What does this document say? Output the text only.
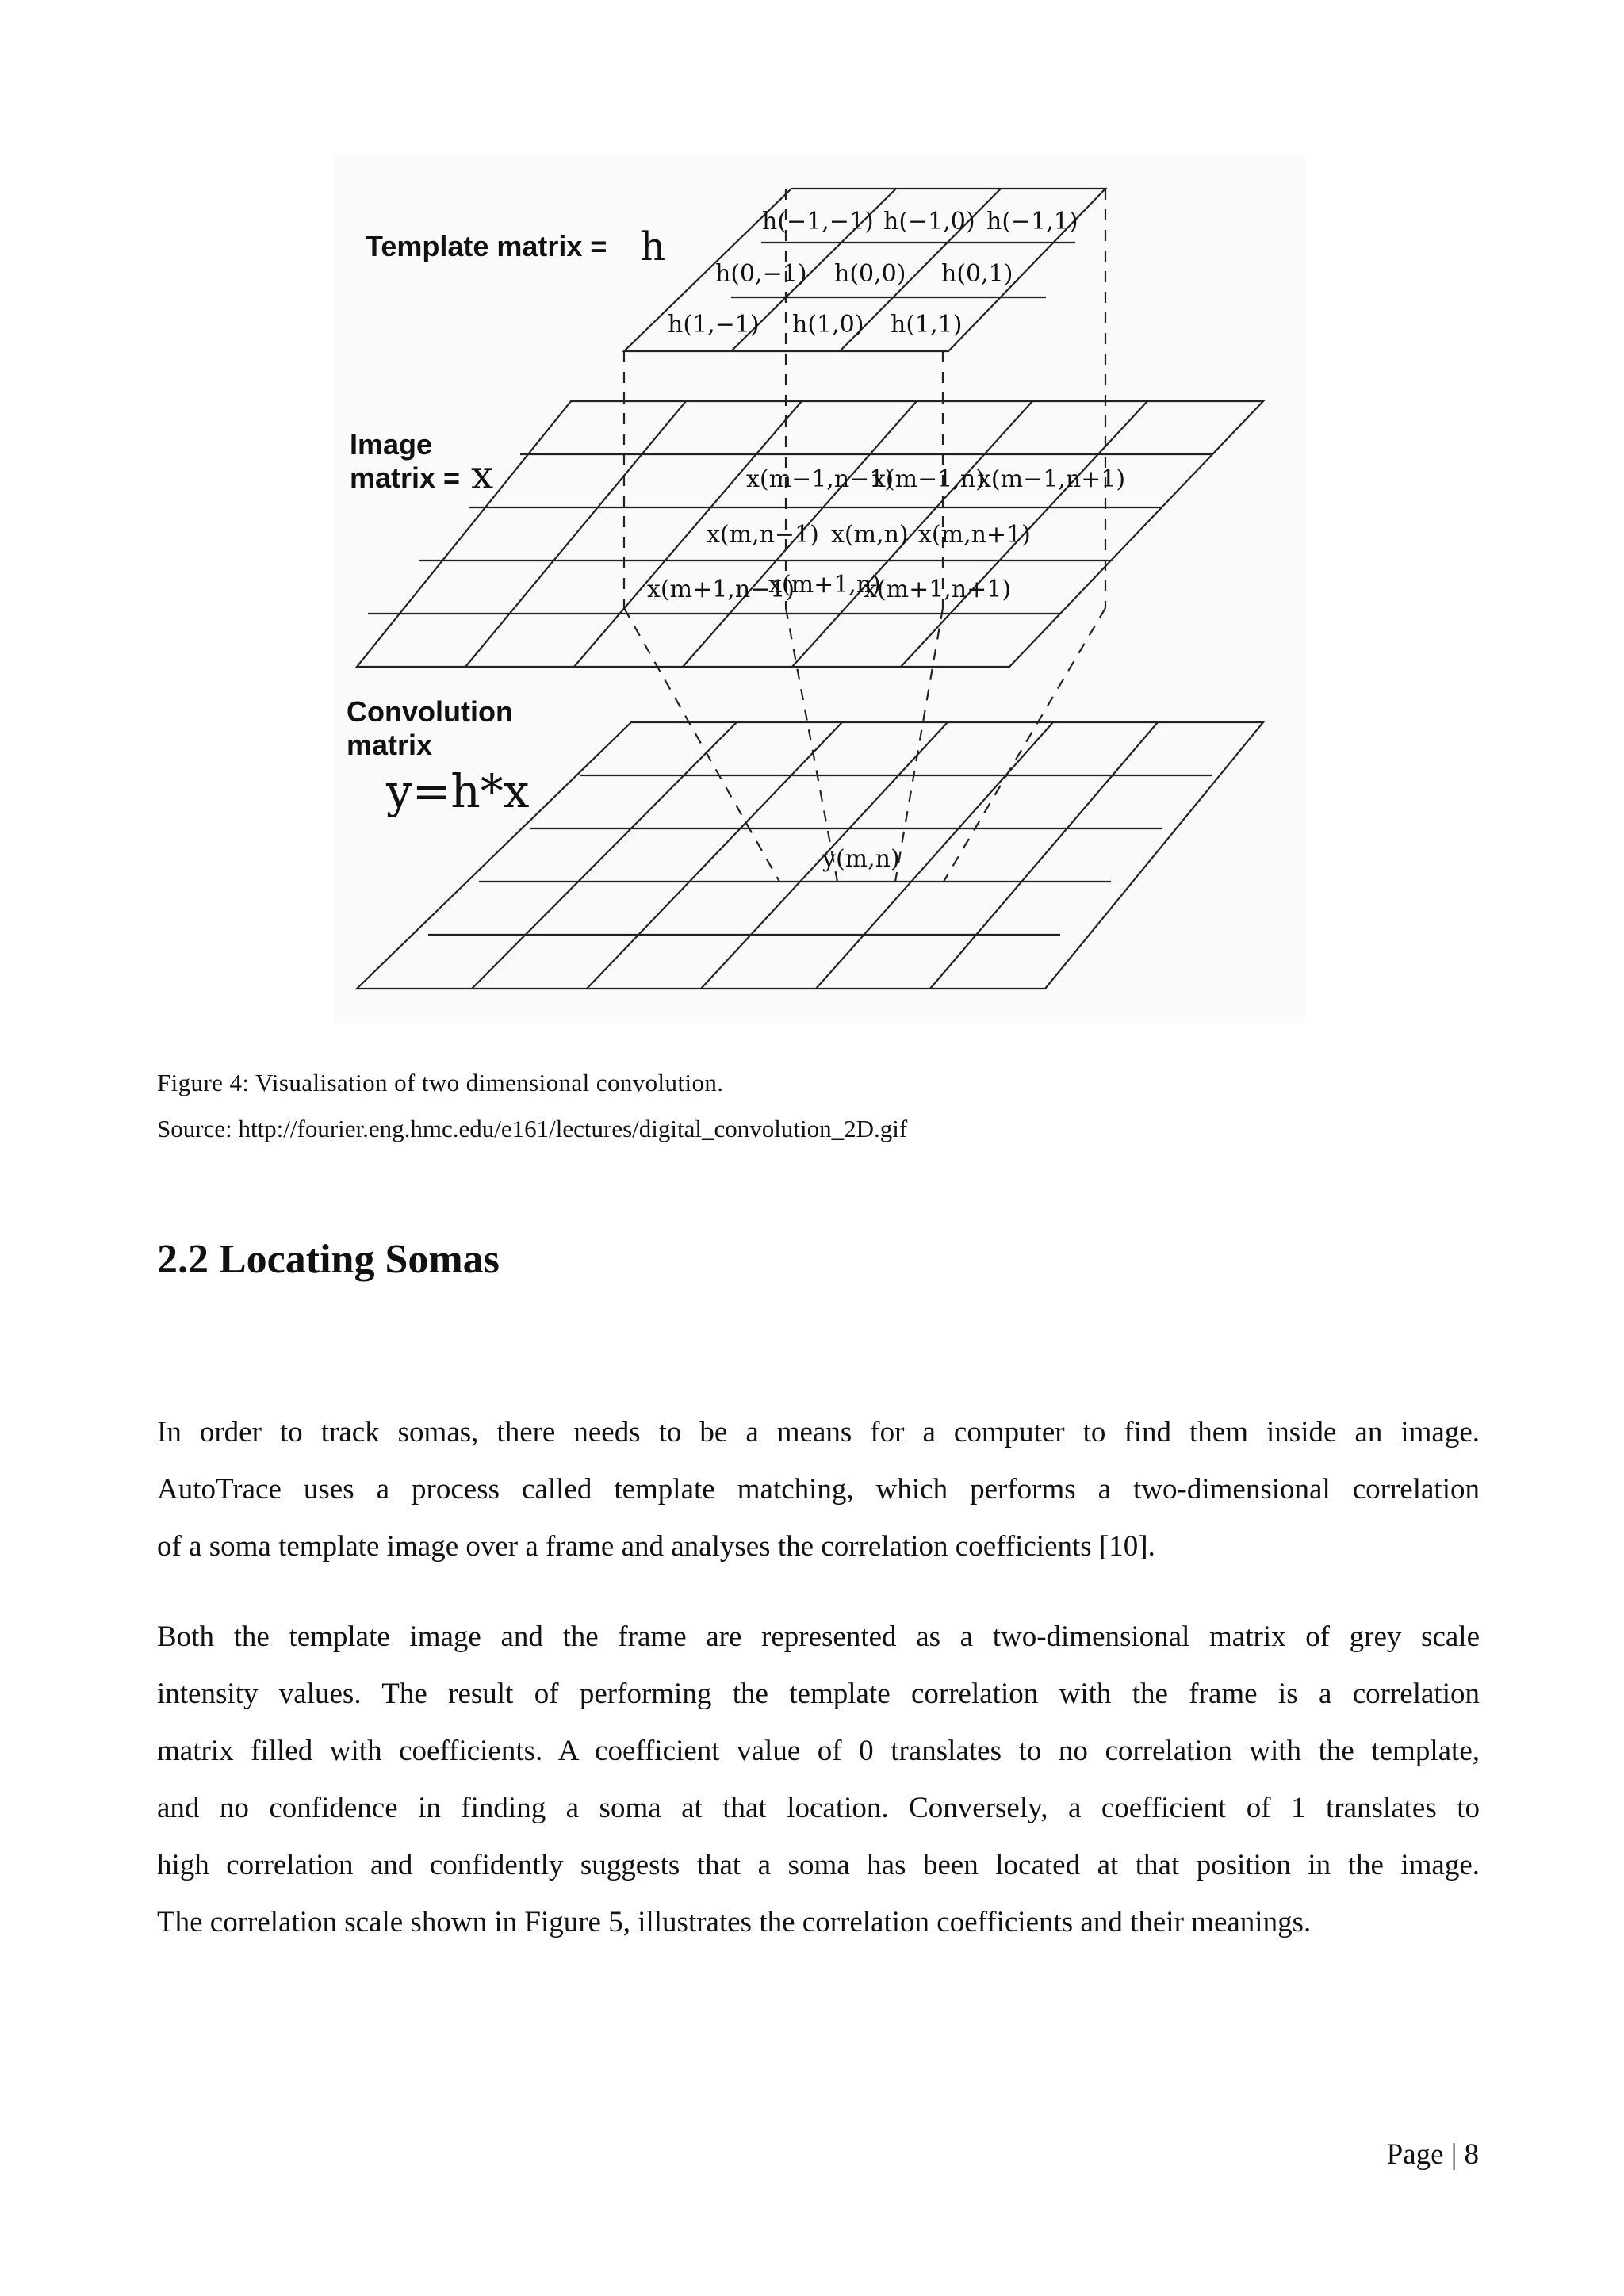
Template matrix = h
Image
matrix = x
Convolution
matrix
y=h*x
h(−1,−1) h(−1,0) h(−1,1)
h(0,−1) h(0,0) h(0,1)
h(1,−1) h(1,0) h(1,1)
x(m−1,n−1)
x(m−1,n)
x(m−1,n+1)
x(m,n−1) x(m,n) x(m,n+1)
x(m+1,n−1)
x(m+1,n)
x(m+1,n+1)
y(m,n)
Figure 4: Visualisation of two dimensional convolution.
Source: http://fourier.eng.hmc.edu/e161/lectures/digital_convolution_2D.gif
2.2 Locating Somas
In order to track somas, there needs to be a means for a computer to find them inside an image.
AutoTrace uses a process called template matching, which performs a two-dimensional correlation
of a soma template image over a frame and analyses the correlation coefficients [10].
Both the template image and the frame are represented as a two-dimensional matrix of grey scale
intensity values. The result of performing the template correlation with the frame is a correlation
matrix filled with coefficients. A coefficient value of 0 translates to no correlation with the template,
and no confidence in finding a soma at that location. Conversely, a coefficient of 1 translates to
high correlation and confidently suggests that a soma has been located at that position in the image.
The correlation scale shown in Figure 5, illustrates the correlation coefficients and their meanings.
Page | 8
